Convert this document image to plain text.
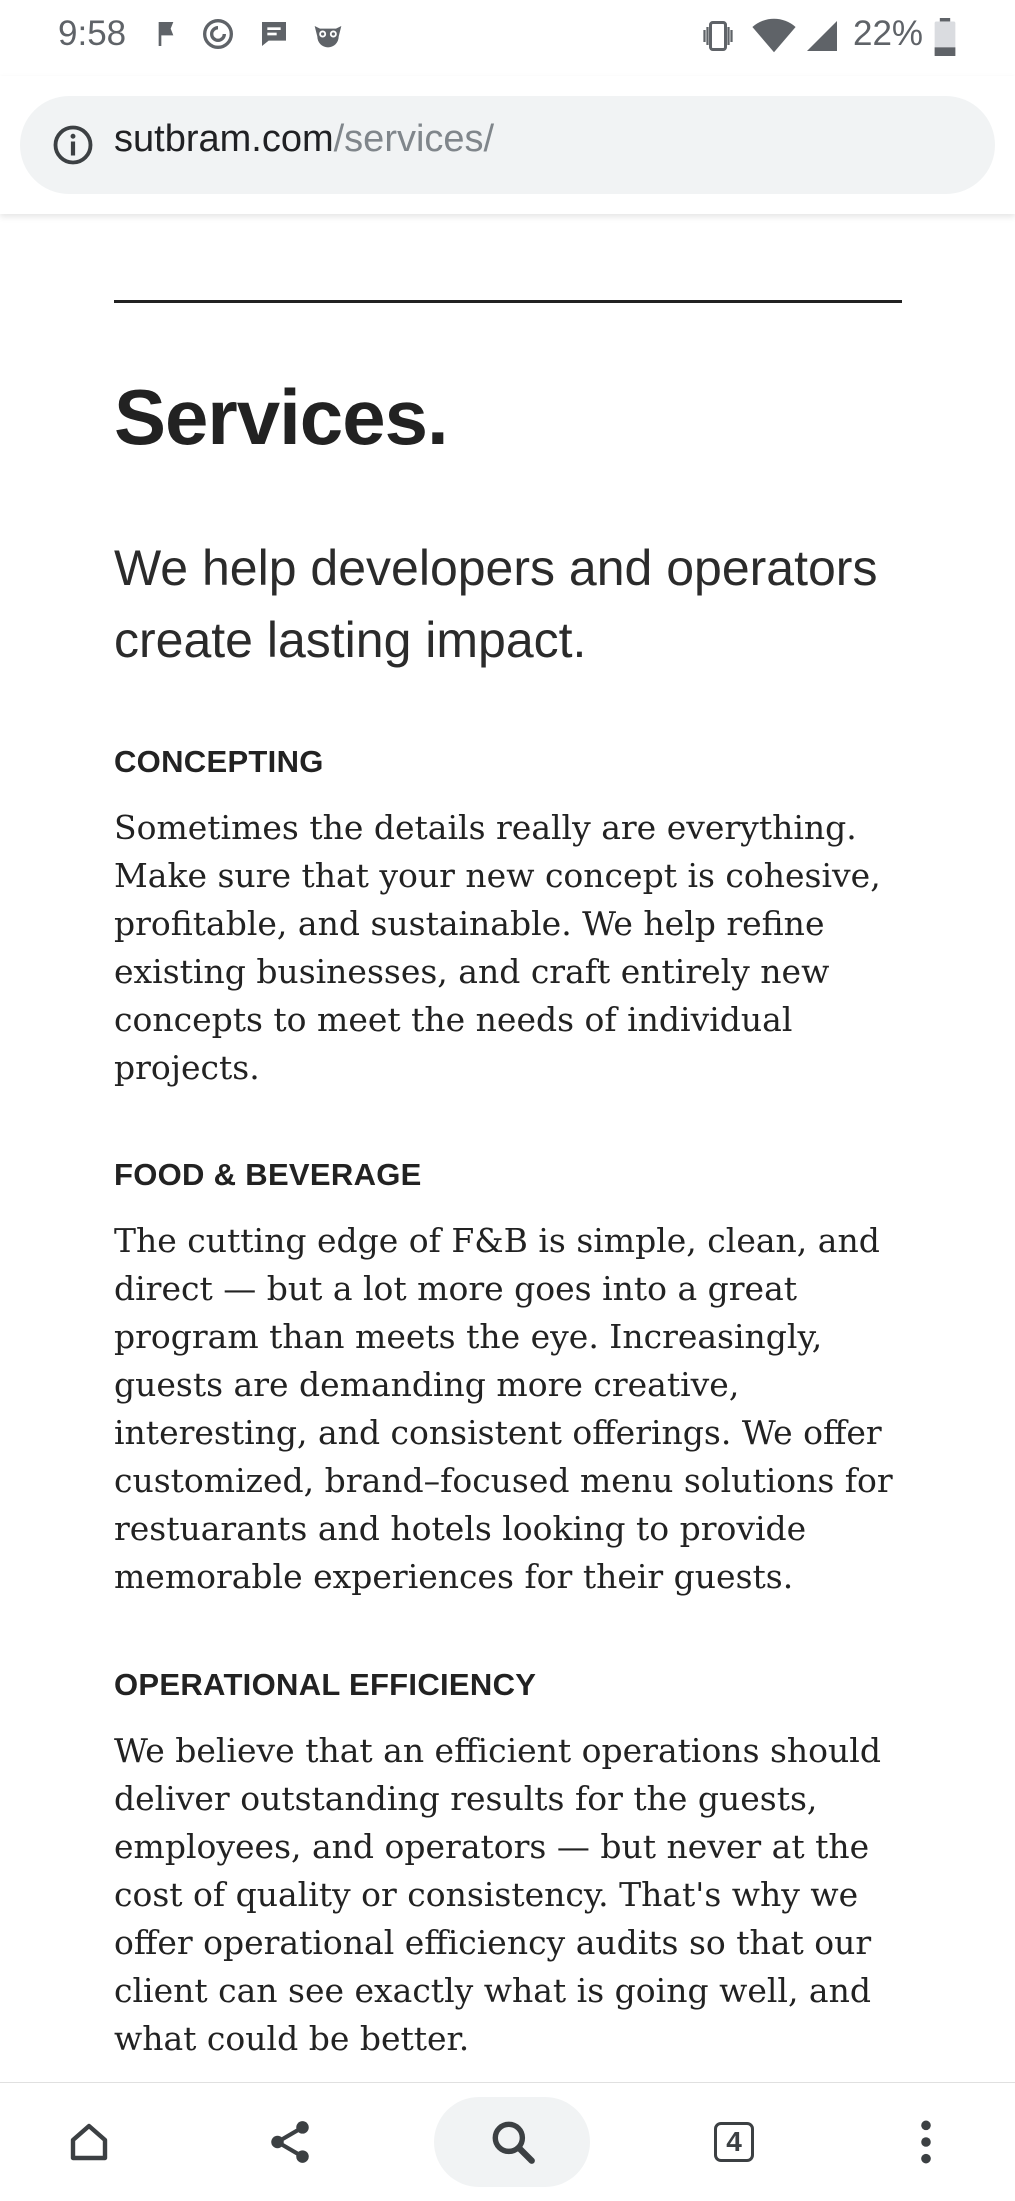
9:58	22%
sutbram.com/services/
Services.

We help developers and operators create lasting impact.

CONCEPTING

Sometimes the details really are everything. Make sure that your new concept is cohesive, profitable, and sustainable. We help refine existing businesses, and craft entirely new concepts to meet the needs of individual projects.

FOOD & BEVERAGE

The cutting edge of F&B is simple, clean, and direct — but a lot more goes into a great program than meets the eye. Increasingly, guests are demanding more creative, interesting, and consistent offerings. We offer customized, brand–focused menu solutions for restuarants and hotels looking to provide memorable experiences for their guests.

OPERATIONAL EFFICIENCY

We believe that an efficient operations should deliver outstanding results for the guests, employees, and operators — but never at the cost of quality or consistency. That's why we offer operational efficiency audits so that our client can see exactly what is going well, and what could be better.

4
